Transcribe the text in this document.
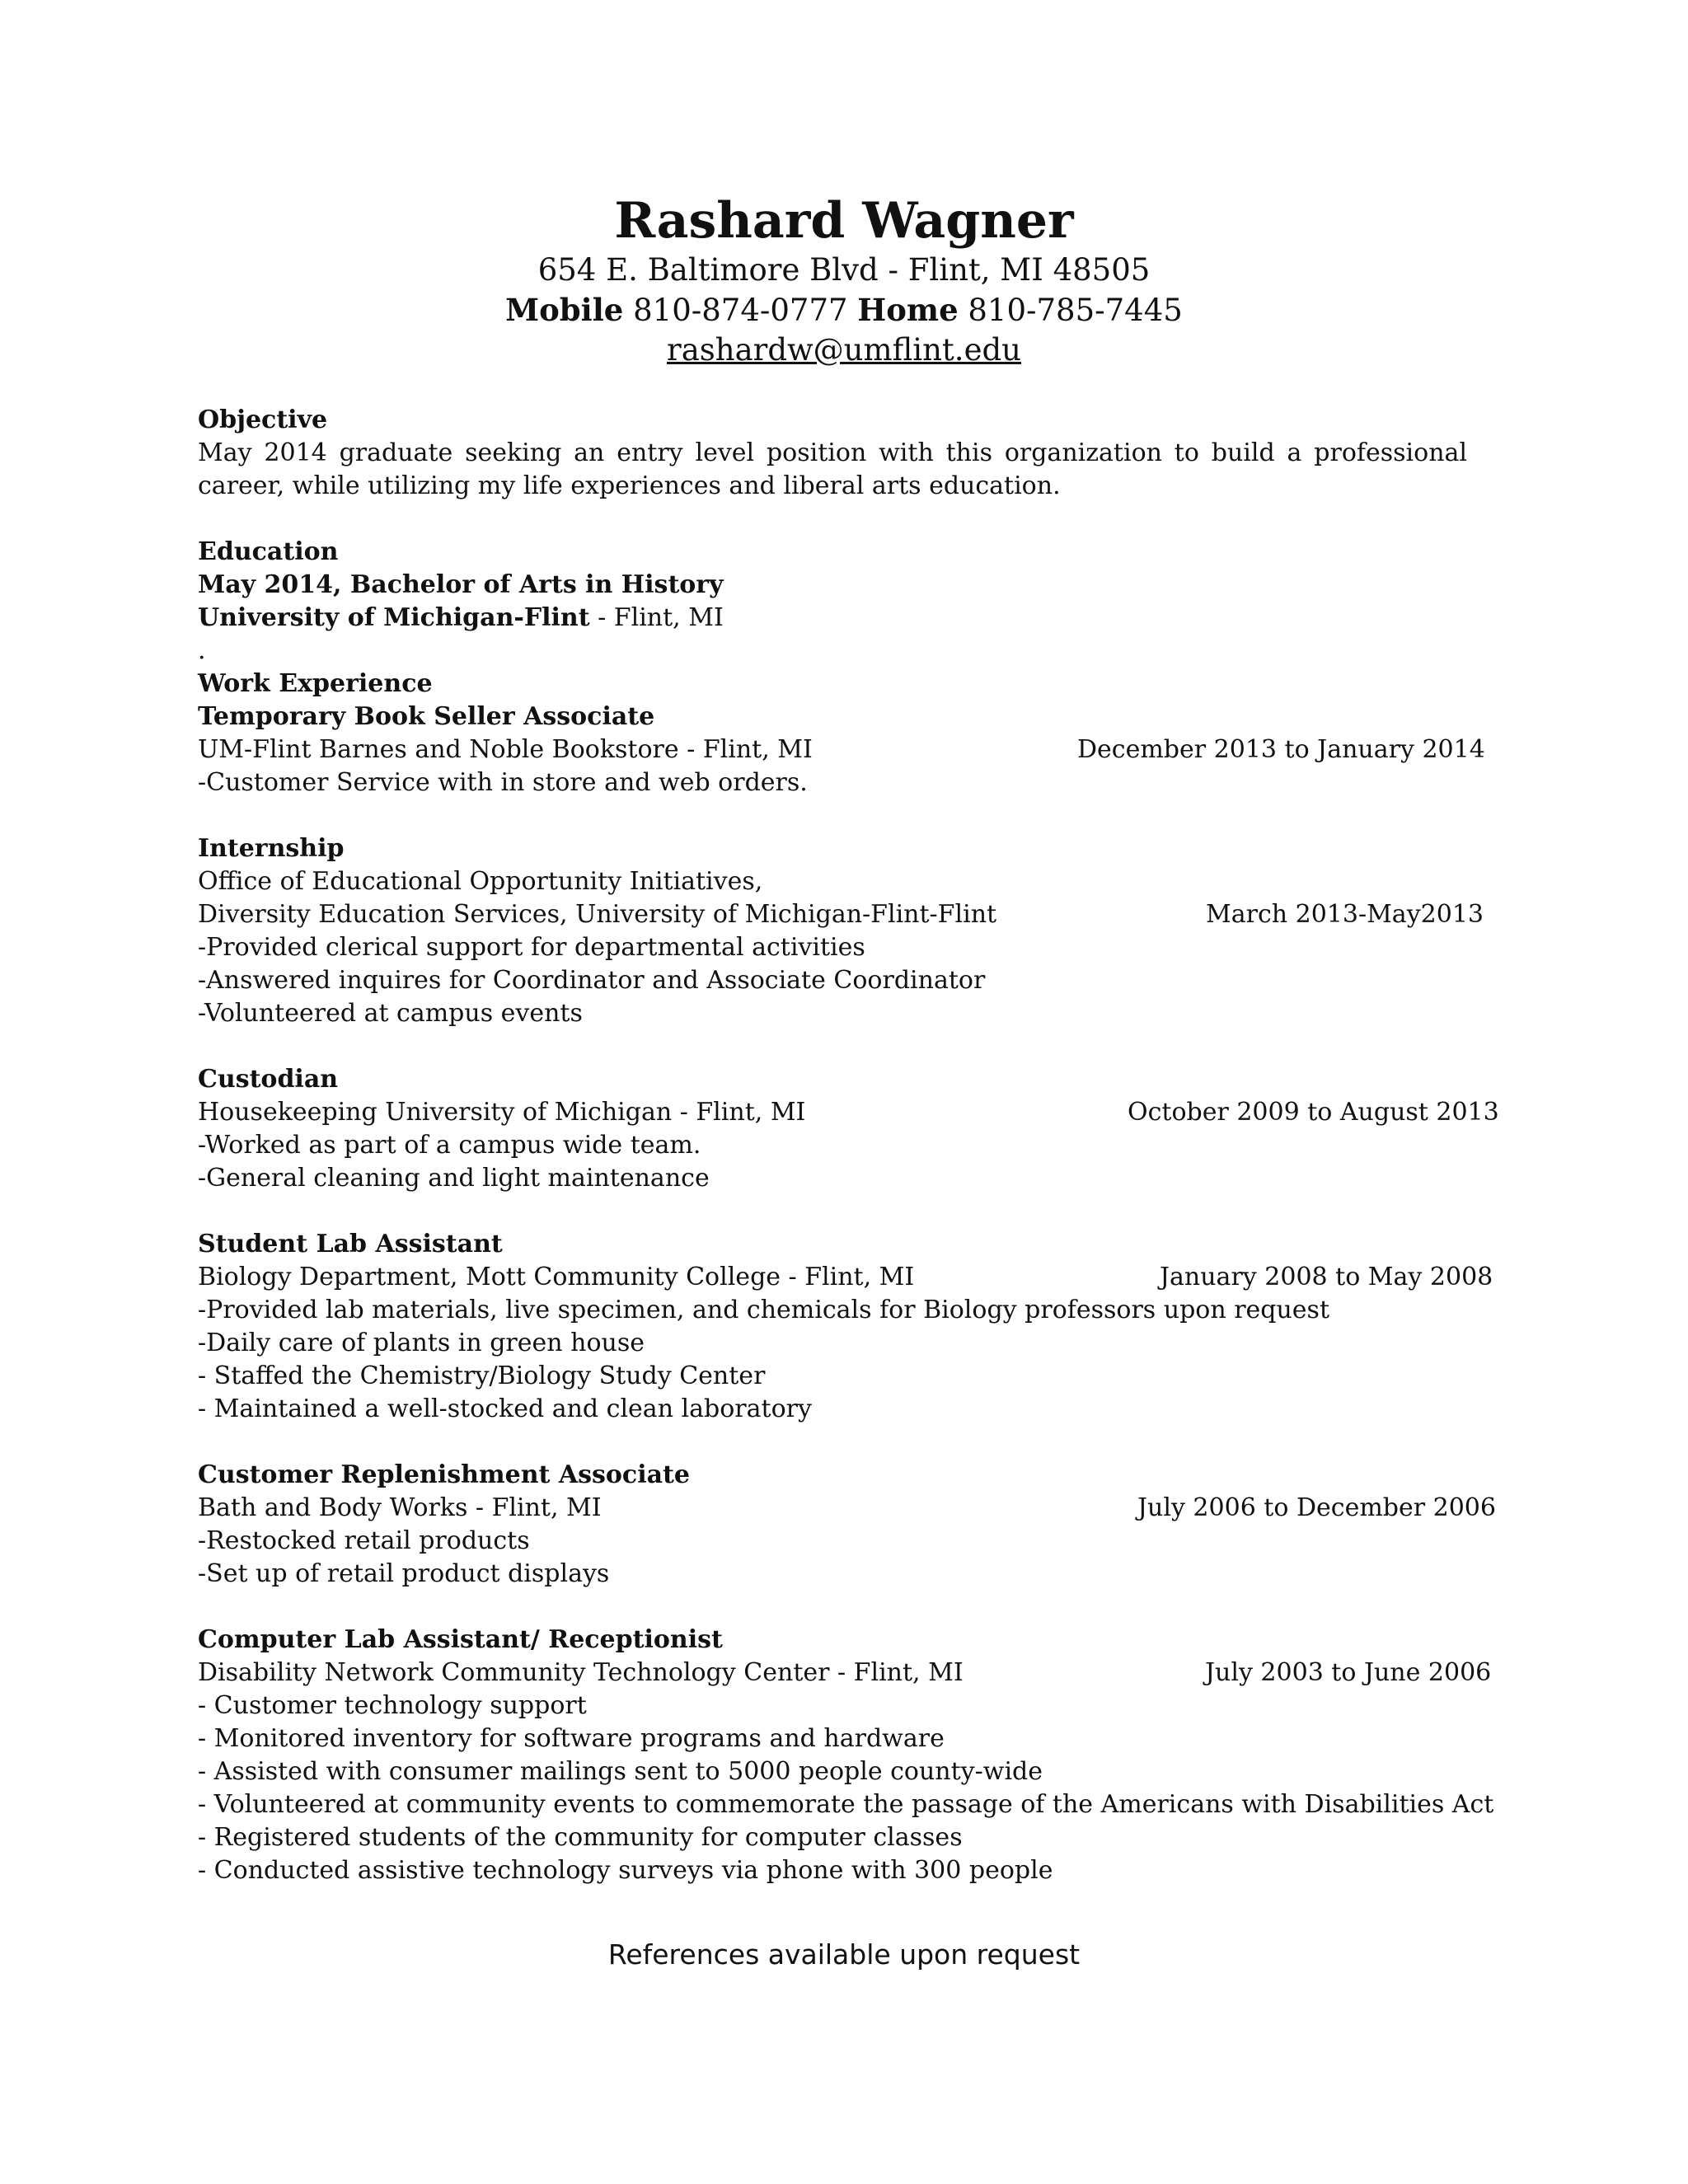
Rashard Wagner
654 E. Baltimore Blvd - Flint, MI 48505
Mobile 810-874-0777 Home 810-785-7445
rashardw@umflint.edu
Objective
May 2014 graduate seeking an entry level position with this organization to build a professional career, while utilizing my life experiences and liberal arts education.
Education
May 2014, Bachelor of Arts in History
University of Michigan-Flint - Flint, MI
.
Work Experience
Temporary Book Seller Associate
UM-Flint Barnes and Noble Bookstore - Flint, MI	December 2013 to January 2014
-Customer Service with in store and web orders.
Internship
Office of Educational Opportunity Initiatives,
Diversity Education Services, University of Michigan-Flint-Flint	March 2013-May2013
-Provided clerical support for departmental activities
-Answered inquires for Coordinator and Associate Coordinator
-Volunteered at campus events
Custodian
Housekeeping University of Michigan - Flint, MI	October 2009 to August 2013
-Worked as part of a campus wide team.
-General cleaning and light maintenance
Student Lab Assistant
Biology Department, Mott Community College - Flint, MI	January 2008 to May 2008
-Provided lab materials, live specimen, and chemicals for Biology professors upon request
-Daily care of plants in green house
- Staffed the Chemistry/Biology Study Center
- Maintained a well-stocked and clean laboratory
Customer Replenishment Associate
Bath and Body Works - Flint, MI	July 2006 to December 2006
-Restocked retail products
-Set up of retail product displays
Computer Lab Assistant/ Receptionist
Disability Network Community Technology Center - Flint, MI	July 2003 to June 2006
- Customer technology support
- Monitored inventory for software programs and hardware
- Assisted with consumer mailings sent to 5000 people county-wide
- Volunteered at community events to commemorate the passage of the Americans with Disabilities Act
- Registered students of the community for computer classes
- Conducted assistive technology surveys via phone with 300 people
References available upon request
